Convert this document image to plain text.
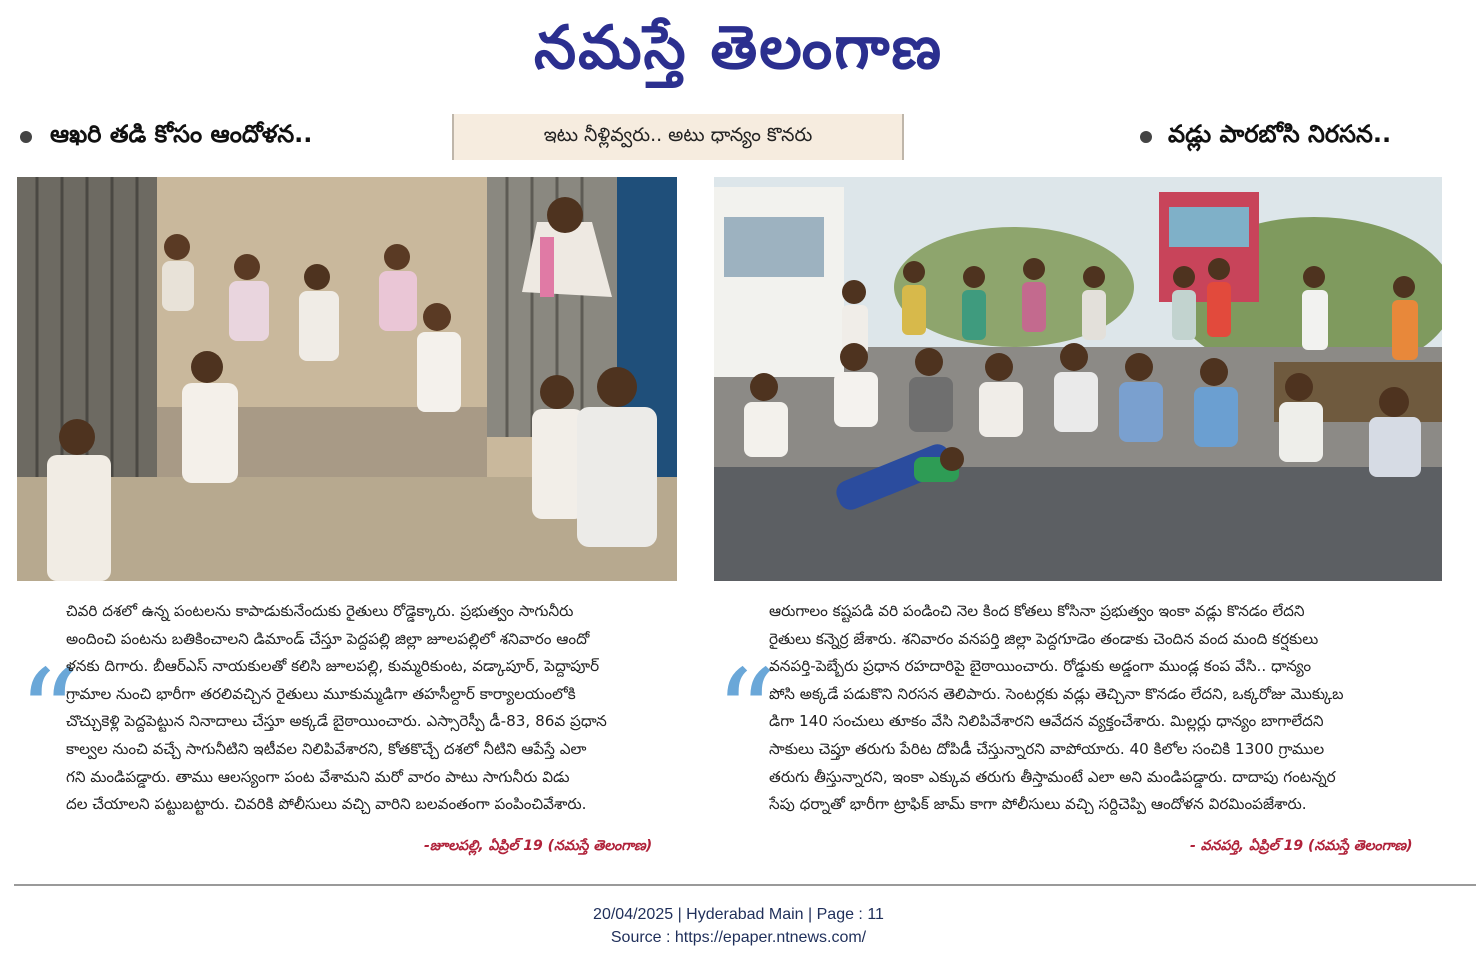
నమస్తే తెలంగాణ
ఆఖరి తడి కోసం ఆందోళన..	ఇటు నీళ్లివ్వరు.. అటు ధాన్యం కొనరు	వడ్లు పారబోసి నిరసన..
“	“
చివరి దశలో ఉన్న పంటలను కాపాడుకునేందుకు రైతులు రోడ్డెక్కారు. ప్రభుత్వం సాగునీరు
అందించి పంటను బతికించాలని డిమాండ్ చేస్తూ పెద్దపల్లి జిల్లా జూలపల్లిలో శనివారం ఆందో
ళనకు దిగారు. బీఆర్ఎస్ నాయకులతో కలిసి జూలపల్లి, కుమ్మరికుంట, వడ్కాపూర్, పెద్దాపూర్
గ్రామాల నుంచి భారీగా తరలివచ్చిన రైతులు మూకుమ్మడిగా తహసీల్దార్ కార్యాలయంలోకి
చొచ్చుకెళ్లి పెద్దపెట్టున నినాదాలు చేస్తూ అక్కడే బైఠాయించారు. ఎస్సారెస్పీ డీ-83, 86వ ప్రధాన
కాల్వల నుంచి వచ్చే సాగునీటిని ఇటీవల నిలిపివేశారని, కోతకొచ్చే దశలో నీటిని ఆపేస్తే ఎలా
గని మండిపడ్డారు. తాము ఆలస్యంగా పంట వేశామని మరో వారం పాటు సాగునీరు విడు
దల చేయాలని పట్టుబట్టారు. చివరికి పోలీసులు వచ్చి వారిని బలవంతంగా పంపించివేశారు.
-జూలపల్లి, ఏప్రిల్ 19 (నమస్తే తెలంగాణ)
ఆరుగాలం కష్టపడి వరి పండించి నెల కింద కోతలు కోసినా ప్రభుత్వం ఇంకా వడ్లు కొనడం లేదని
రైతులు కన్నెర్ర జేశారు. శనివారం వనపర్తి జిల్లా పెద్దగూడెం తండాకు చెందిన వంద మంది కర్షకులు
వనపర్తి-పెబ్బేరు ప్రధాన రహదారిపై బైఠాయించారు. రోడ్డుకు అడ్డంగా ముండ్ల కంప వేసి.. ధాన్యం
పోసి అక్కడే పడుకొని నిరసన తెలిపారు. సెంటర్లకు వడ్లు తెచ్చినా కొనడం లేదని, ఒక్కరోజు మొక్కుబ
డిగా 140 సంచులు తూకం వేసి నిలిపివేశారని ఆవేదన వ్యక్తంచేశారు. మిల్లర్లు ధాన్యం బాగాలేదని
సాకులు చెప్తూ తరుగు పేరిట దోపిడీ చేస్తున్నారని వాపోయారు. 40 కిలోల సంచికి 1300 గ్రాముల
తరుగు తీస్తున్నారని, ఇంకా ఎక్కువ తరుగు తీస్తామంటే ఎలా అని మండిపడ్డారు. దాదాపు గంటన్నర
సేపు ధర్నాతో భారీగా ట్రాఫిక్ జామ్ కాగా పోలీసులు వచ్చి సర్దిచెప్పి ఆందోళన విరమింపజేశారు.
- వనపర్తి, ఏప్రిల్ 19 (నమస్తే తెలంగాణ)
20/04/2025 | Hyderabad Main | Page : 11
Source : https://epaper.ntnews.com/
